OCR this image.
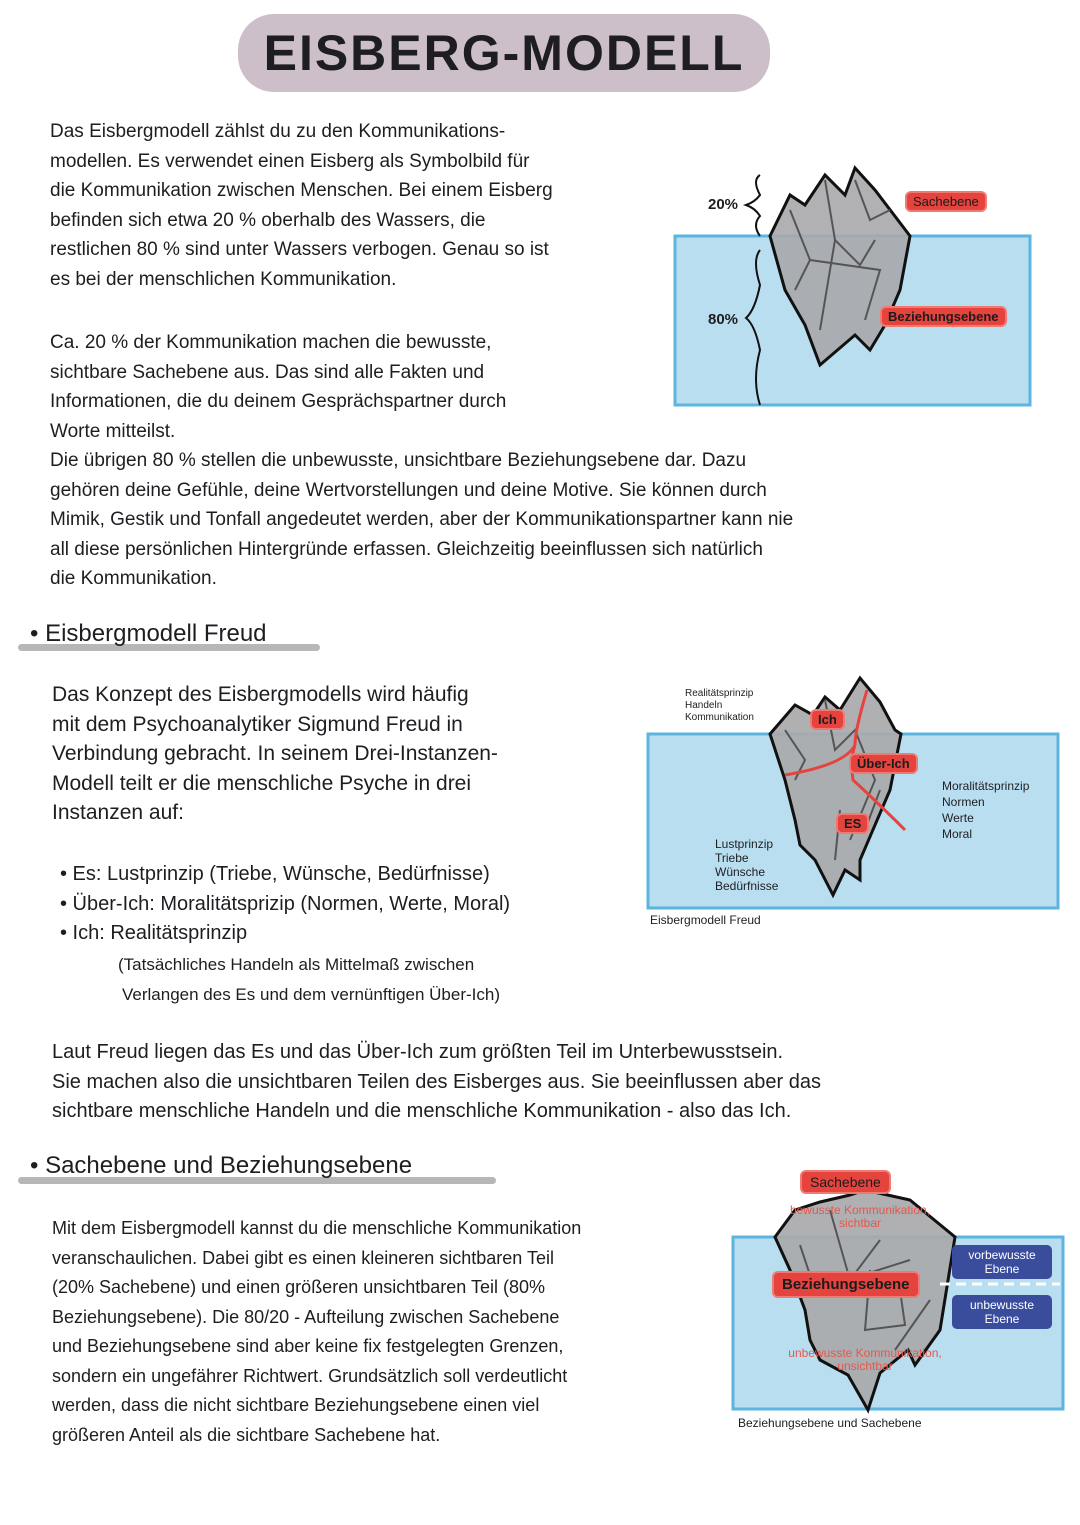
EISBERG-MODELL
Das Eisbergmodell zählst du zu den Kommunikations-
modellen. Es verwendet einen Eisberg als Symbolbild für
die Kommunikation zwischen Menschen. Bei einem Eisberg
befinden sich etwa 20 % oberhalb des Wassers, die
restlichen 80 % sind unter Wassers verbogen. Genau so ist
es bei der menschlichen Kommunikation.
20%
80%
Sachebene
Beziehungsebene
Ca. 20 % der Kommunikation machen die bewusste,
sichtbare Sachebene aus. Das sind alle Fakten und
Informationen, die du deinem Gesprächspartner durch
Worte mitteilst.
Die übrigen 80 % stellen die unbewusste, unsichtbare Beziehungsebene dar. Dazu
gehören deine Gefühle, deine Wertvorstellungen und deine Motive. Sie können durch
Mimik, Gestik und Tonfall angedeutet werden, aber der Kommunikationspartner kann nie
all diese persönlichen Hintergründe erfassen. Gleichzeitig beeinflussen sich natürlich
die Kommunikation.
• Eisbergmodell Freud
Das Konzept des Eisbergmodells wird häufig
mit dem Psychoanalytiker Sigmund Freud in
Verbindung gebracht. In seinem Drei-Instanzen-
Modell teilt er die menschliche Psyche in drei
Instanzen auf:
• Es: Lustprinzip (Triebe, Wünsche, Bedürfnisse)
• Über-Ich: Moralitätsprizip (Normen, Werte, Moral)
• Ich: Realitätsprinzip
(Tatsächliches Handeln als Mittelmaß zwischen
Verlangen des Es und dem vernünftigen Über-Ich)
Ich
Über-Ich
ES
Realitätsprinzip
Handeln
Kommunikation
Moralitätsprinzip
Normen
Werte
Moral
Lustprinzip
Triebe
Wünsche
Bedürfnisse
Eisbergmodell Freud
Laut Freud liegen das Es und das Über-Ich zum größten Teil im Unterbewusstsein.
Sie machen also die unsichtbaren Teilen des Eisberges aus. Sie beeinflussen aber das
sichtbare menschliche Handeln und die menschliche Kommunikation - also das Ich.
• Sachebene und Beziehungsebene
Mit dem Eisbergmodell kannst du die menschliche Kommunikation
veranschaulichen. Dabei gibt es einen kleineren sichtbaren Teil
(20% Sachebene) und einen größeren unsichtbaren Teil (80%
Beziehungsebene). Die 80/20 - Aufteilung zwischen Sachebene
und Beziehungsebene sind aber keine fix festgelegten Grenzen,
sondern ein ungefährer Richtwert. Grundsätzlich soll verdeutlicht
werden, dass die nicht sichtbare Beziehungsebene einen viel
größeren Anteil als die sichtbare Sachebene hat.
Sachebene
bewusste Kommunikation,
sichtbar
Beziehungsebene
unbewusste Kommunikation,
unsichtbar
vorbewusste Ebene
unbewusste Ebene
Beziehungsebene und Sachebene
